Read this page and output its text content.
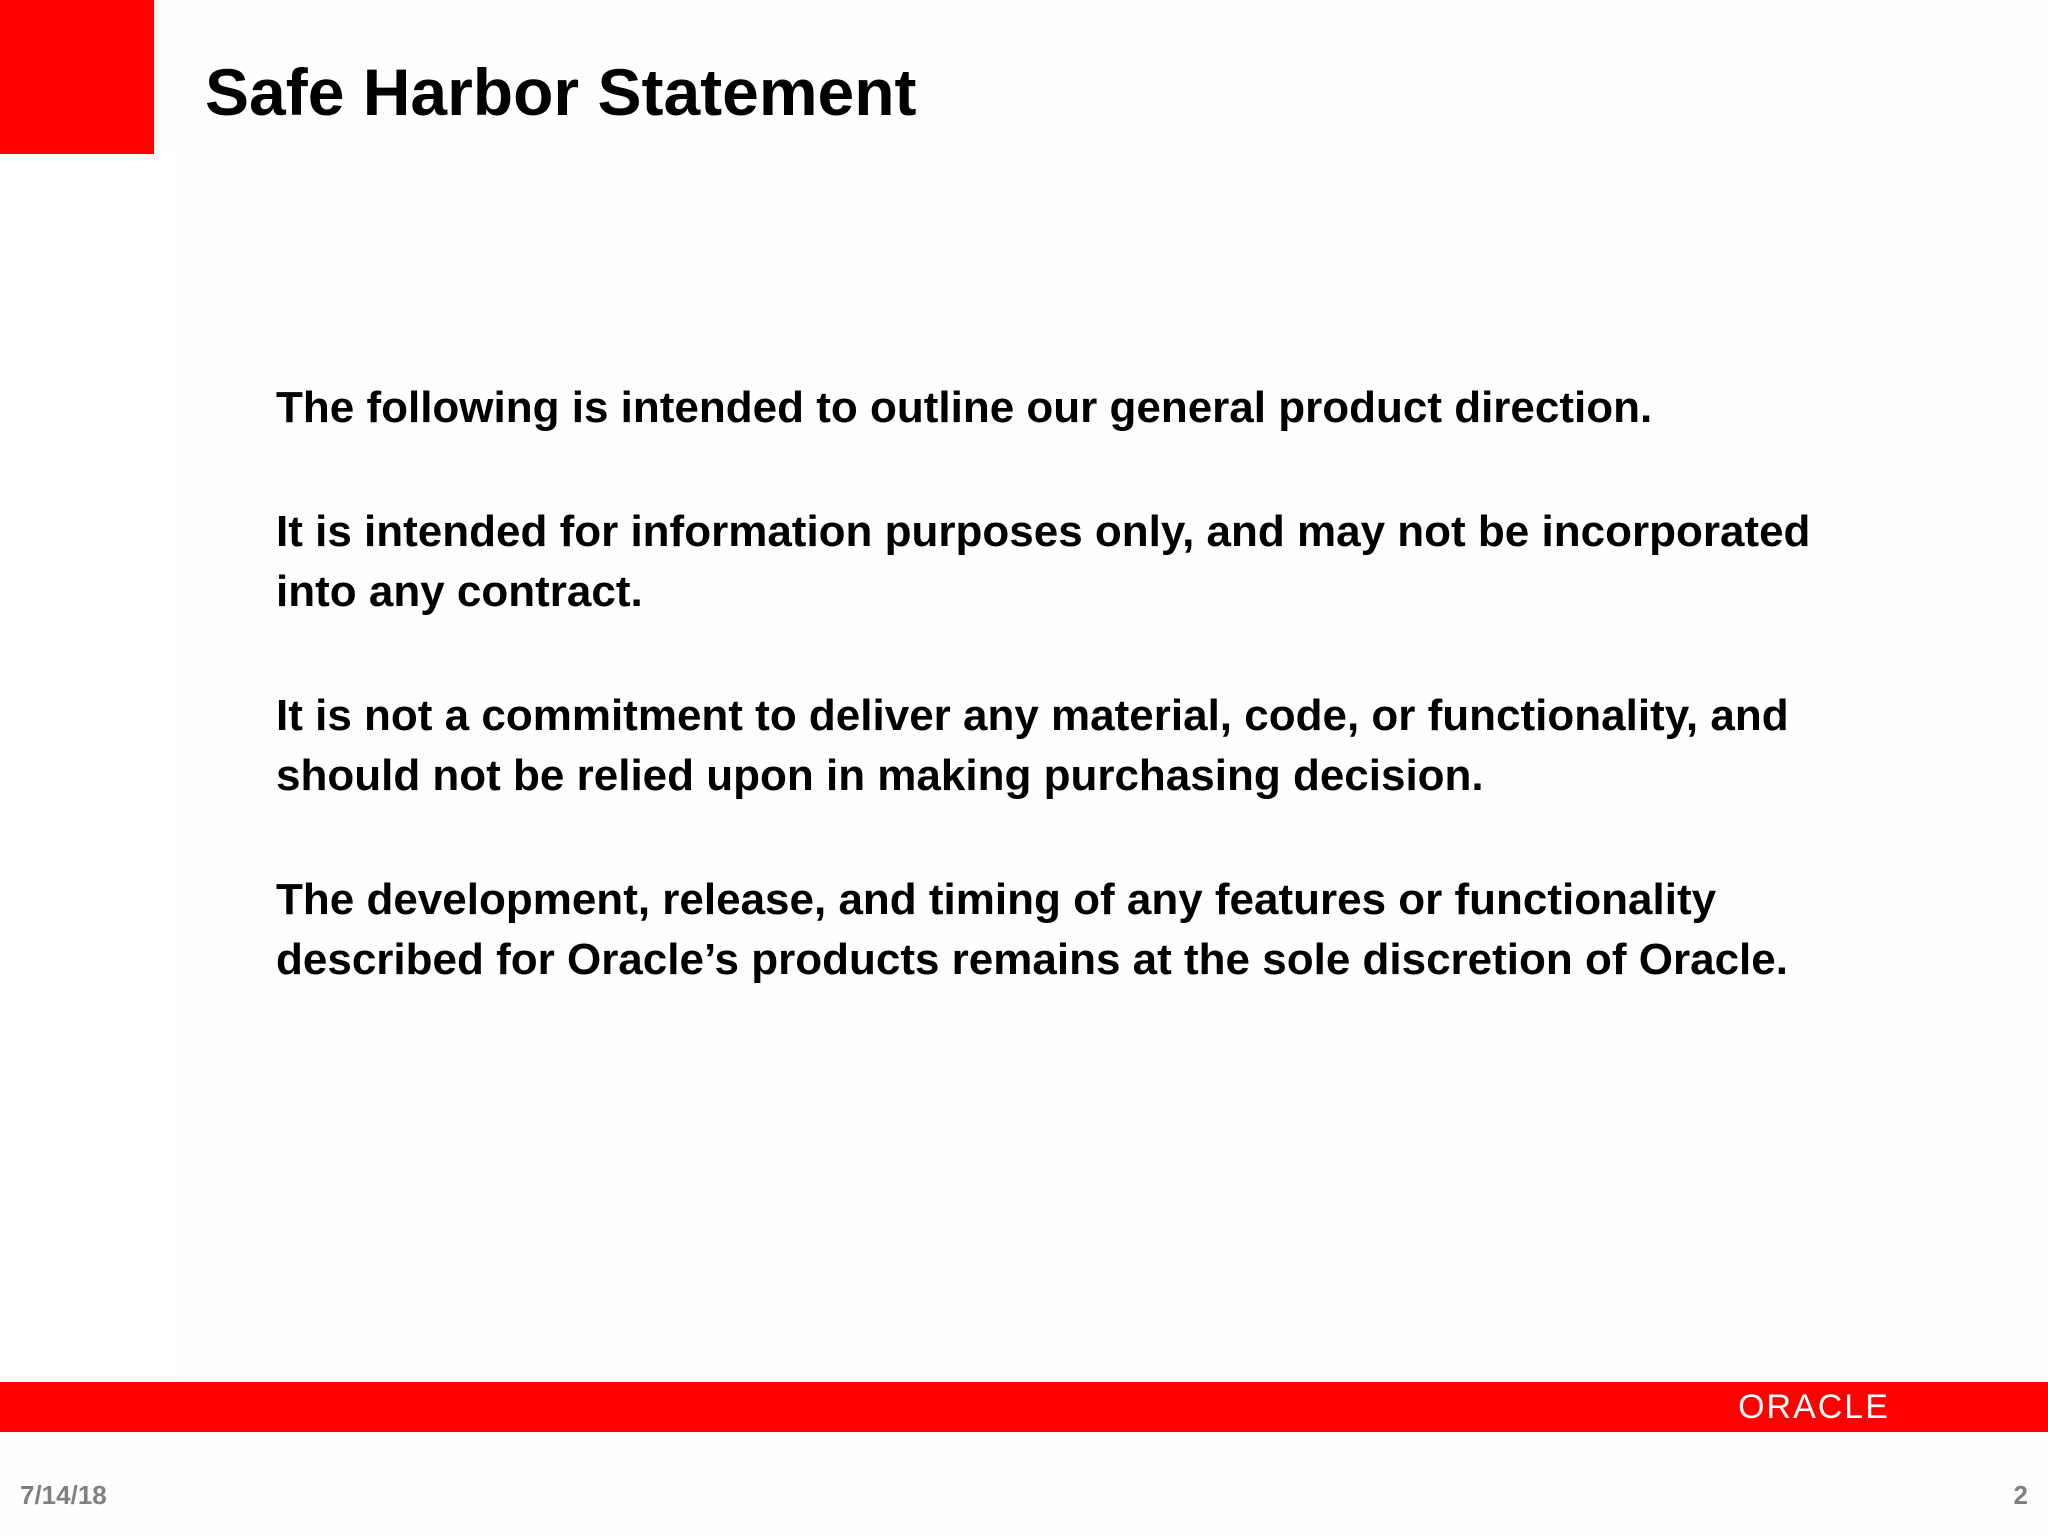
Safe Harbor Statement

The following is intended to outline our general product direction.

It is intended for information purposes only, and may not be incorporated into any contract.

It is not a commitment to deliver any material, code, or functionality, and should not be relied upon in making purchasing decision.

The development, release, and timing of any features or functionality described for Oracle’s products remains at the sole discretion of Oracle.

ORACLE
7/14/18	2
